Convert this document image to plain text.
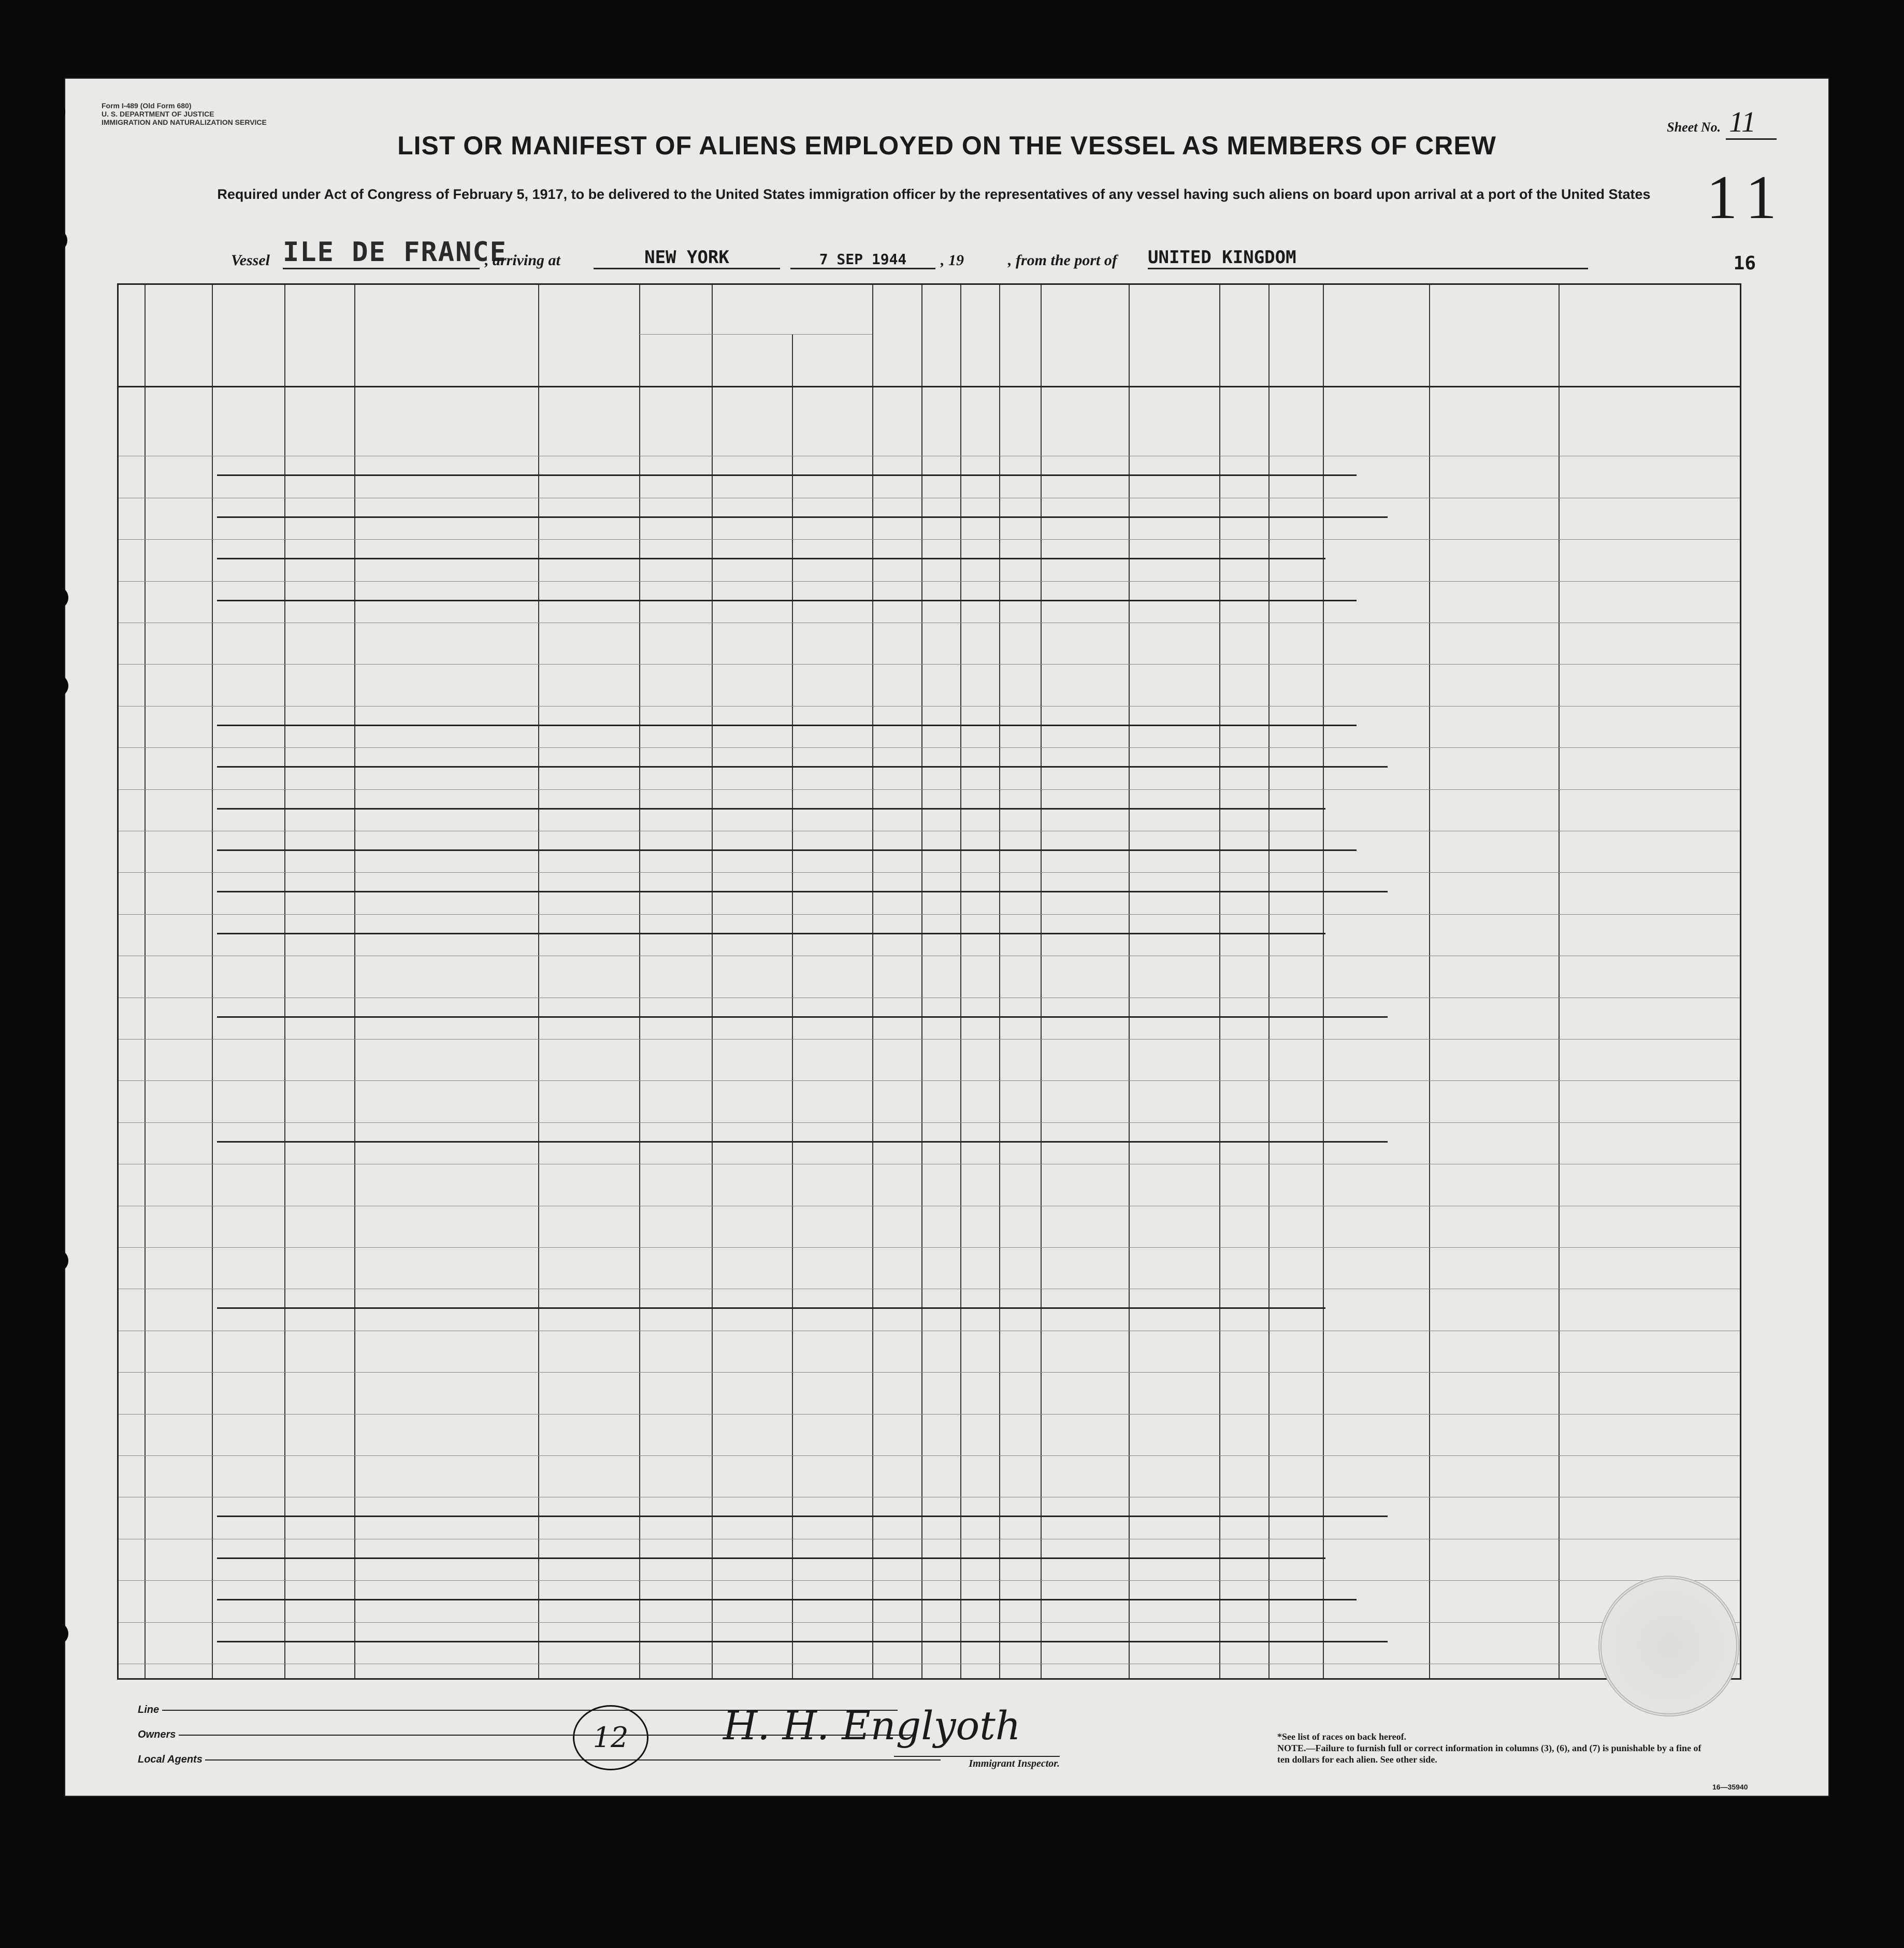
Form I-489 (Old Form 680)
U. S. DEPARTMENT OF JUSTICE
IMMIGRATION AND NATURALIZATION SERVICE	Sheet No. 11
11
LIST OR MANIFEST OF ALIENS EMPLOYED ON THE VESSEL AS MEMBERS OF CREW
Required under Act of Congress of February 5, 1917, to be delivered to the United States immigration officer by the representatives of any vessel having such aliens on board upon arrival at a port of the United States
Vessel ILE DE FRANCE
, arriving at	NEW YORK	7 SEP 1944	, 19	, from the port of UNITED KINGDOM	16
Line
Owners
Local Agents
12	H. H. Englyoth
Immigrant Inspector.
*See list of races on back hereof.
NOTE.—Failure to furnish full or correct information in columns (3), (6), and (7) is punishable by a fine of ten dollars for each alien. See other side.
16—35940
